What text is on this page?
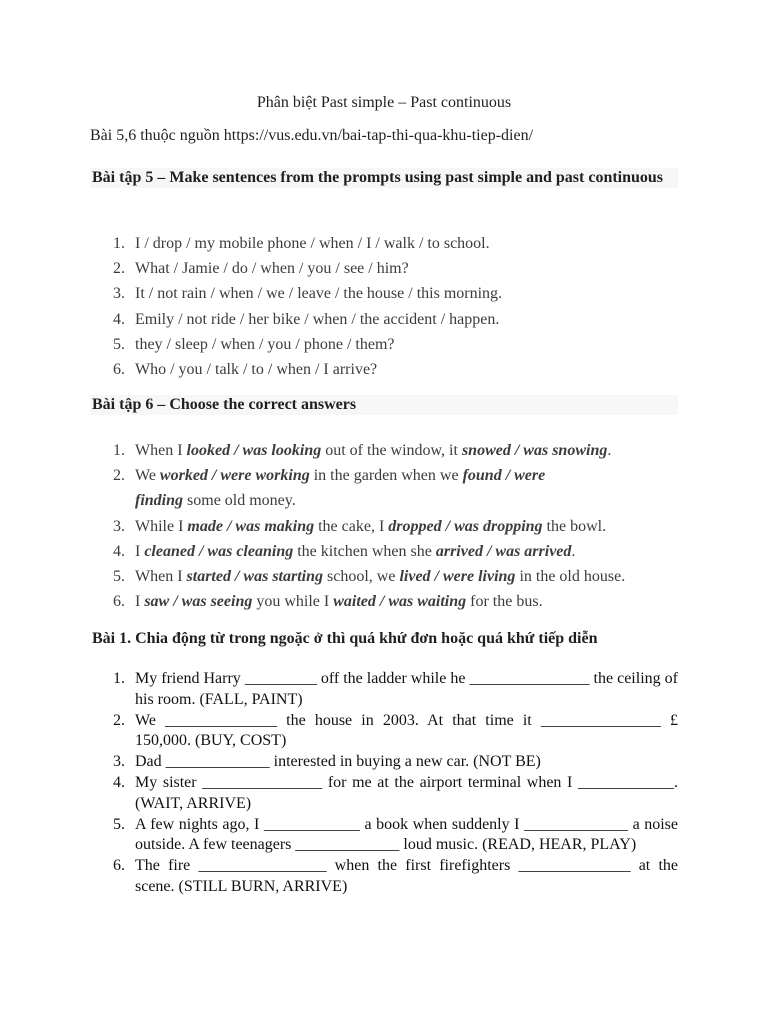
Phân biệt Past simple – Past continuous
Bài 5,6 thuộc nguồn https://vus.edu.vn/bai-tap-thi-qua-khu-tiep-dien/
Bài tập 5 – Make sentences from the prompts using past simple and past continuous
1. I / drop / my mobile phone / when / I / walk / to school.
2. What / Jamie / do / when / you / see / him?
3. It / not rain / when / we / leave / the house / this morning.
4. Emily / not ride / her bike / when / the accident / happen.
5. they / sleep / when / you / phone / them?
6. Who / you / talk / to / when / I arrive?
Bài tập 6 – Choose the correct answers
1. When I looked / was looking out of the window, it snowed / was snowing.
2. We worked / were working in the garden when we found / were
finding some old money.
3. While I made / was making the cake, I dropped / was dropping the bowl.
4. I cleaned / was cleaning the kitchen when she arrived / was arrived.
5. When I started / was starting school, we lived / were living in the old house.
6. I saw / was seeing you while I waited / was waiting for the bus.
Bài 1. Chia động từ trong ngoặc ở thì quá khứ đơn hoặc quá khứ tiếp diễn
1. My friend Harry _________ off the ladder while he _______________ the ceiling of his room. (FALL, PAINT)
2. We ______________ the house in 2003. At that time it _______________ £ 150,000. (BUY, COST)
3. Dad _____________ interested in buying a new car. (NOT BE)
4. My sister _______________ for me at the airport terminal when I ____________. (WAIT, ARRIVE)
5. A few nights ago, I ____________ a book when suddenly I _____________ a noise outside. A few teenagers _____________ loud music. (READ, HEAR, PLAY)
6. The fire ________________ when the first firefighters ______________ at the scene. (STILL BURN, ARRIVE)
